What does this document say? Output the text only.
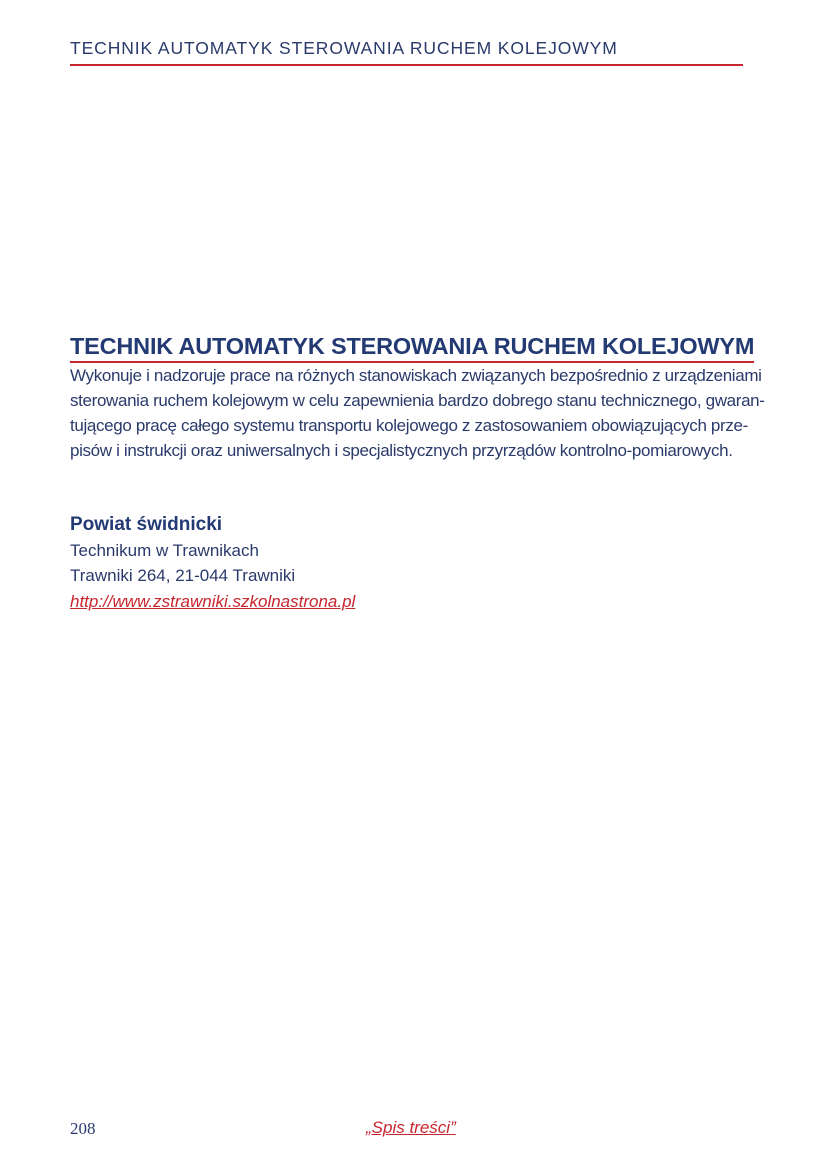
TECHNIK AUTOMATYK STEROWANIA RUCHEM KOLEJOWYM
TECHNIK AUTOMATYK STEROWANIA RUCHEM KOLEJOWYM
Wykonuje i nadzoruje prace na różnych stanowiskach związanych bezpośrednio z urządzeniami
sterowania ruchem kolejowym w celu zapewnienia bardzo dobrego stanu technicznego, gwaran-
tującego pracę całego systemu transportu kolejowego z zastosowaniem obowiązujących prze-
pisów i instrukcji oraz uniwersalnych i specjalistycznych przyrządów kontrolno-pomiarowych.
Powiat świdnicki
Technikum w Trawnikach
Trawniki 264, 21-044 Trawniki
http://www.zstrawniki.szkolnastrona.pl
208	„Spis treści”
